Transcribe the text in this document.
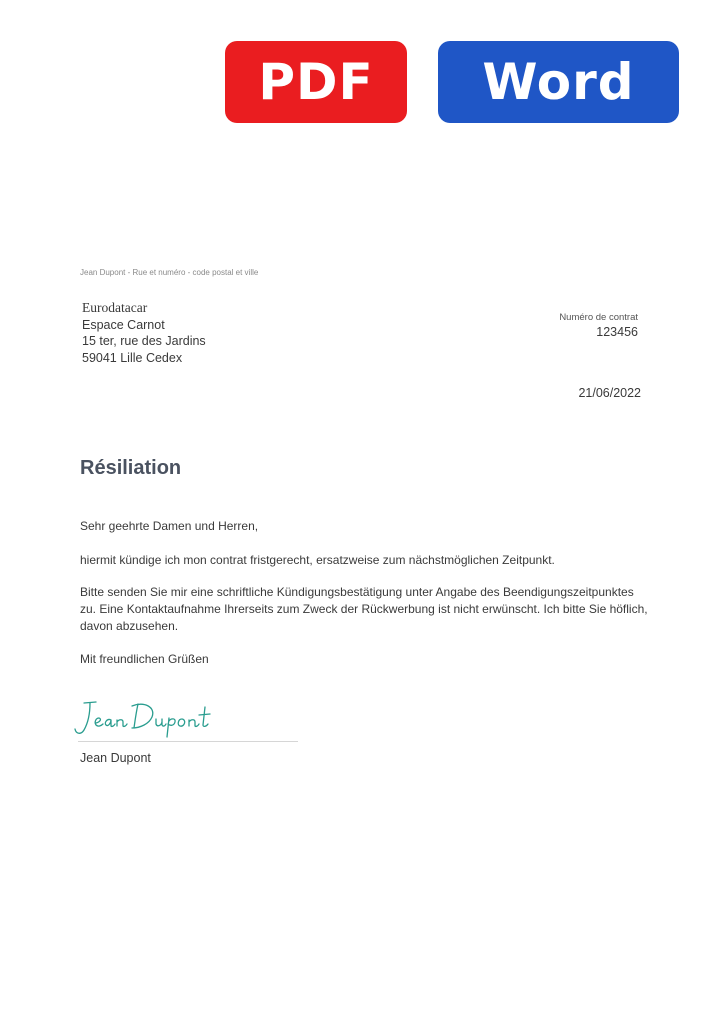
PDF Word
Jean Dupont - Rue et numéro - code postal et ville
Eurodatacar
Espace Carnot
15 ter, rue des Jardins
59041 Lille Cedex
Numéro de contrat
123456
21/06/2022
Résiliation
Sehr geehrte Damen und Herren,
hiermit kündige ich mon contrat fristgerecht, ersatzweise zum nächstmöglichen Zeitpunkt.
Bitte senden Sie mir eine schriftliche Kündigungsbestätigung unter Angabe des Beendigungszeitpunktes zu. Eine Kontaktaufnahme Ihrerseits zum Zweck der Rückwerbung ist nicht erwünscht. Ich bitte Sie höflich, davon abzusehen.
Mit freundlichen Grüßen
Jean Dupont
